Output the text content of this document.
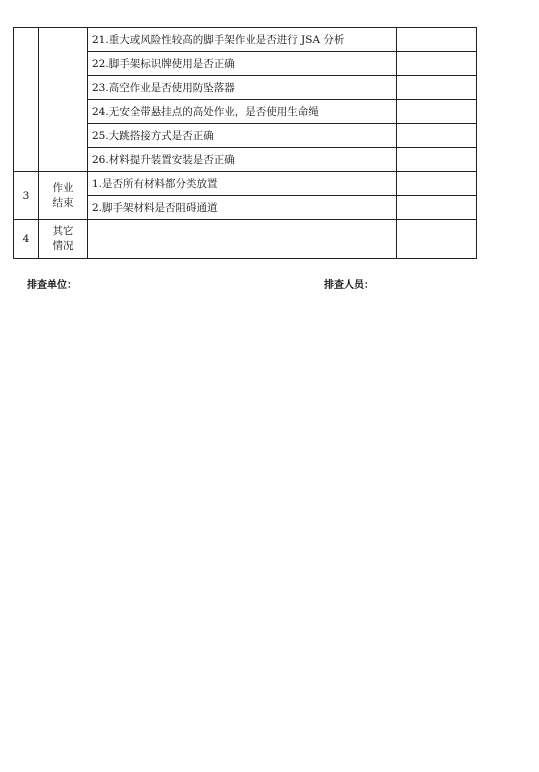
		21.重大或风险性较高的脚手架作业是否进行 JSA 分析	
		22.脚手架标识牌使用是否正确	
		23.高空作业是否使用防坠落器	
		24.无安全带悬挂点的高处作业，是否使用生命绳	
		25.大跳搭接方式是否正确	
		26.材料提升装置安装是否正确	
3	作业结束	1.是否所有材料都分类放置	
		2.脚手架材料是否阻碍通道	
4	其它情况		
排查单位：	排查人员：
